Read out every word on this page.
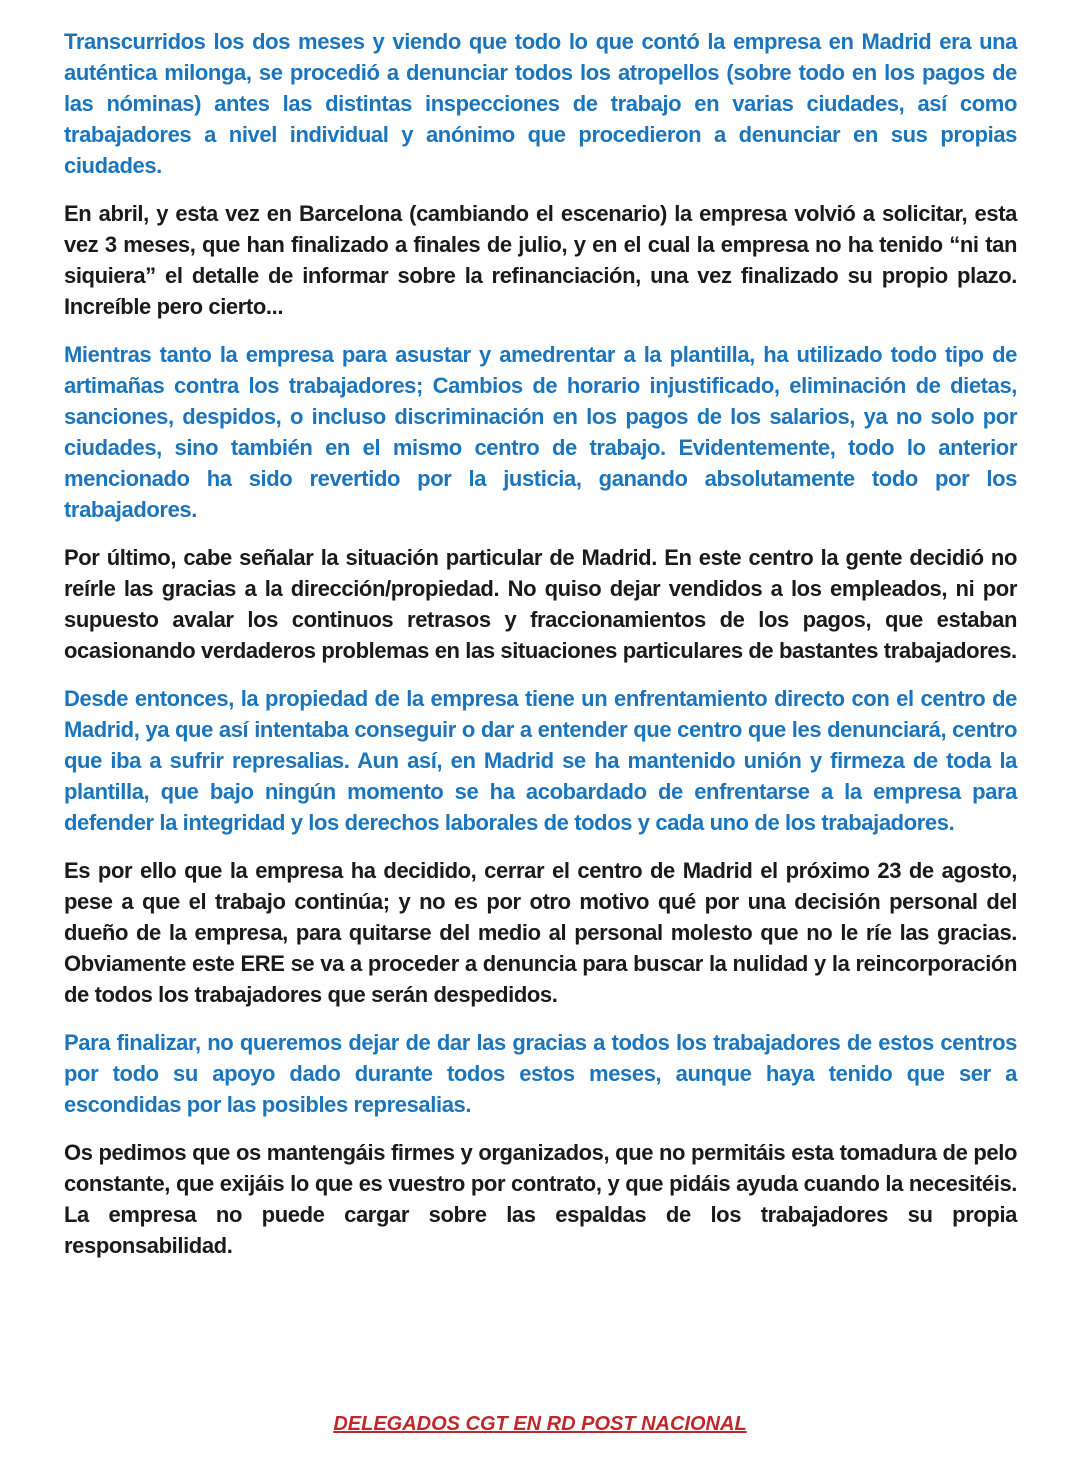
Transcurridos los dos meses y viendo que todo lo que contó la empresa en Madrid era una auténtica milonga, se procedió a denunciar todos los atropellos (sobre todo en los pagos de las nóminas) antes las distintas inspecciones de trabajo en varias ciudades, así como trabajadores a nivel individual y anónimo que procedieron a denunciar en sus propias ciudades.

En abril, y esta vez en Barcelona (cambiando el escenario) la empresa volvió a solicitar, esta vez 3 meses, que han finalizado a finales de julio, y en el cual la empresa no ha tenido “ni tan siquiera” el detalle de informar sobre la refinanciación, una vez finalizado su propio plazo. Increíble pero cierto...

Mientras tanto la empresa para asustar y amedrentar a la plantilla, ha utilizado todo tipo de artimañas contra los trabajadores; Cambios de horario injustificado, eliminación de dietas, sanciones, despidos, o incluso discriminación en los pagos de los salarios, ya no solo por ciudades, sino también en el mismo centro de trabajo. Evidentemente, todo lo anterior mencionado ha sido revertido por la justicia, ganando absolutamente todo por los trabajadores.

Por último, cabe señalar la situación particular de Madrid. En este centro la gente decidió no reírle las gracias a la dirección/propiedad. No quiso dejar vendidos a los empleados, ni por supuesto avalar los continuos retrasos y fraccionamientos de los pagos, que estaban ocasionando verdaderos problemas en las situaciones particulares de bastantes trabajadores.

Desde entonces, la propiedad de la empresa tiene un enfrentamiento directo con el centro de Madrid, ya que así intentaba conseguir o dar a entender que centro que les denunciará, centro que iba a sufrir represalias. Aun así, en Madrid se ha mantenido unión y firmeza de toda la plantilla, que bajo ningún momento se ha acobardado de enfrentarse a la empresa para defender la integridad y los derechos laborales de todos y cada uno de los trabajadores.

Es por ello que la empresa ha decidido, cerrar el centro de Madrid el próximo 23 de agosto, pese a que el trabajo continúa; y no es por otro motivo qué por una decisión personal del dueño de la empresa, para quitarse del medio al personal molesto que no le ríe las gracias. Obviamente este ERE se va a proceder a denuncia para buscar la nulidad y la reincorporación de todos los trabajadores que serán despedidos.

Para finalizar, no queremos dejar de dar las gracias a todos los trabajadores de estos centros por todo su apoyo dado durante todos estos meses, aunque haya tenido que ser a escondidas por las posibles represalias.

Os pedimos que os mantengáis firmes y organizados, que no permitáis esta tomadura de pelo constante, que exijáis lo que es vuestro por contrato, y que pidáis ayuda cuando la necesitéis. La empresa no puede cargar sobre las espaldas de los trabajadores su propia responsabilidad.

DELEGADOS CGT EN RD POST NACIONAL
